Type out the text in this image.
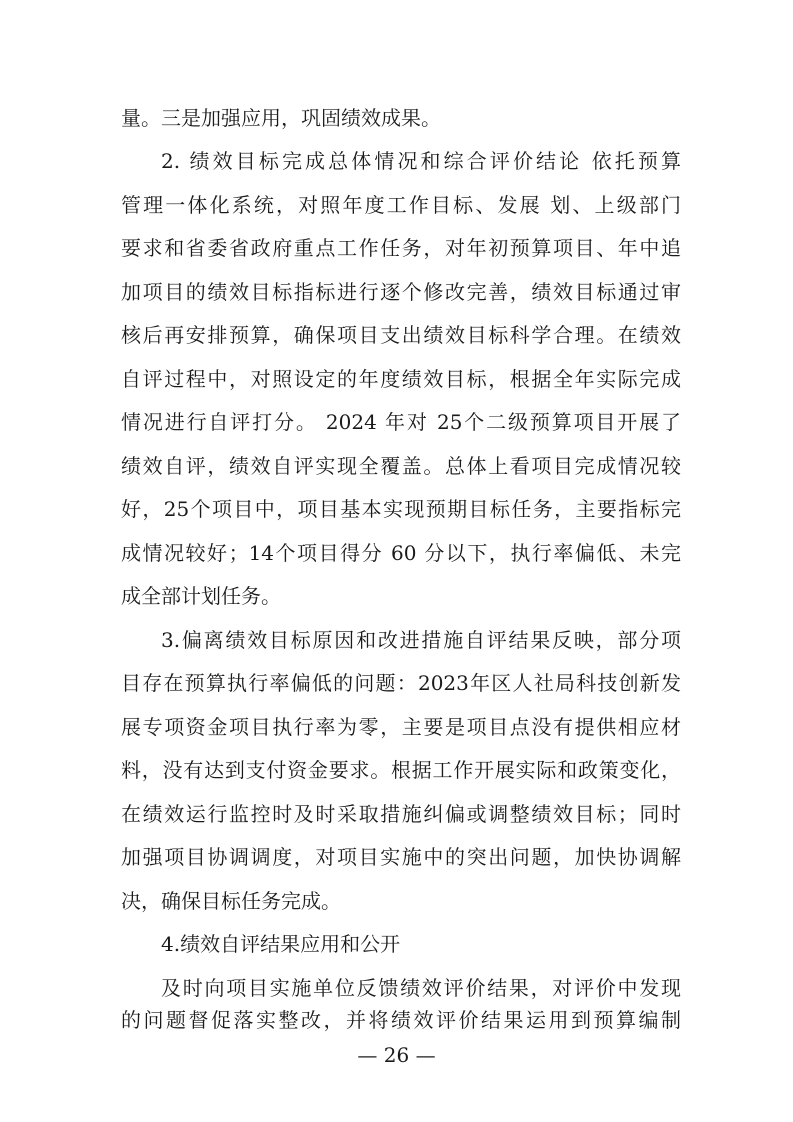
量。三是加强应用，巩固绩效成果。
2. 绩效目标完成总体情况和综合评价结论 依托预算
管理一体化系统，对照年度工作目标、发展 划、上级部门
要求和省委省政府重点工作任务，对年初预算项目、年中追
加项目的绩效目标指标进行逐个修改完善，绩效目标通过审
核后再安排预算，确保项目支出绩效目标科学合理。在绩效
自评过程中，对照设定的年度绩效目标，根据全年实际完成
情况进行自评打分。 2024 年对 25个二级预算项目开展了
绩效自评，绩效自评实现全覆盖。总体上看项目完成情况较
好，25个项目中，项目基本实现预期目标任务，主要指标完
成情况较好；14个项目得分 60 分以下，执行率偏低、未完
成全部计划任务。
3.偏离绩效目标原因和改进措施自评结果反映，部分项
目存在预算执行率偏低的问题：2023年区人社局科技创新发
展专项资金项目执行率为零，主要是项目点没有提供相应材
料，没有达到支付资金要求。根据工作开展实际和政策变化，
在绩效运行监控时及时采取措施纠偏或调整绩效目标；同时
加强项目协调调度，对项目实施中的突出问题，加快协调解
决，确保目标任务完成。
4.绩效自评结果应用和公开
及时向项目实施单位反馈绩效评价结果，对评价中发现
的问题督促落实整改，并将绩效评价结果运用到预算编制
— 26 —
